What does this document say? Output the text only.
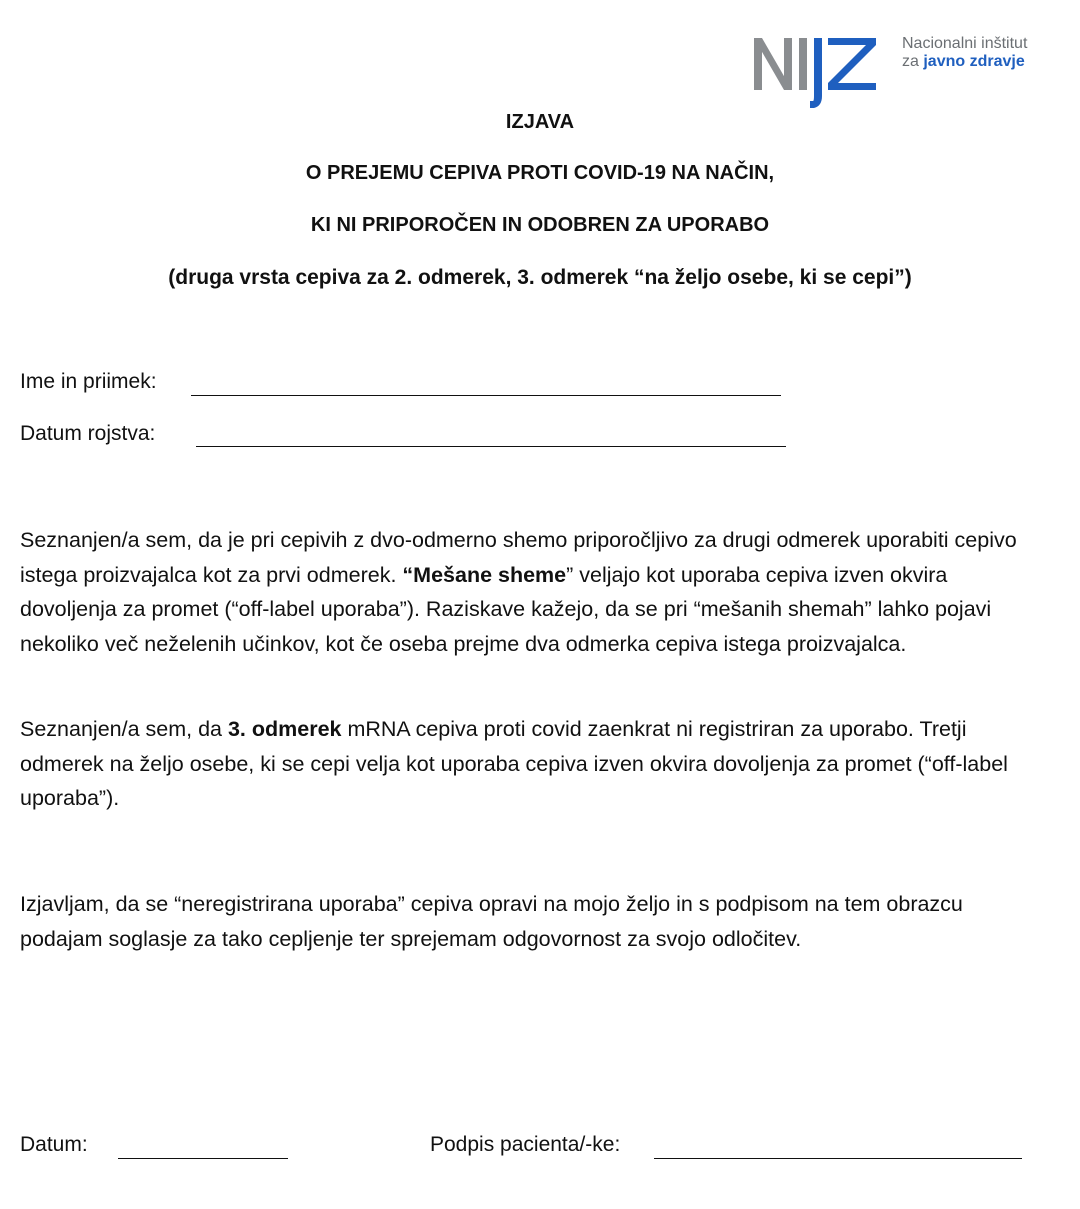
Nacionalni inštitut
za javno zdravje
IZJAVA
O PREJEMU CEPIVA PROTI COVID-19 NA NAČIN,
KI NI PRIPOROČEN IN ODOBREN ZA UPORABO
(druga vrsta cepiva za 2. odmerek, 3. odmerek “na željo osebe, ki se cepi”)
Ime in priimek:
Datum rojstva:
Seznanjen/a sem, da je pri cepivih z dvo-odmerno shemo priporočljivo za drugi odmerek uporabiti cepivo istega proizvajalca kot za prvi odmerek. “Mešane sheme” veljajo kot uporaba cepiva izven okvira dovoljenja za promet (“off-label uporaba”). Raziskave kažejo, da se pri “mešanih shemah” lahko pojavi nekoliko več neželenih učinkov, kot če oseba prejme dva odmerka cepiva istega proizvajalca.
Seznanjen/a sem, da 3. odmerek mRNA cepiva proti covid zaenkrat ni registriran za uporabo. Tretji odmerek na željo osebe, ki se cepi velja kot uporaba cepiva izven okvira dovoljenja za promet (“off-label uporaba”).
Izjavljam, da se “neregistrirana uporaba” cepiva opravi na mojo željo in s podpisom na tem obrazcu podajam soglasje za tako cepljenje ter sprejemam odgovornost za svojo odločitev.
Datum:	Podpis pacienta/-ke:
